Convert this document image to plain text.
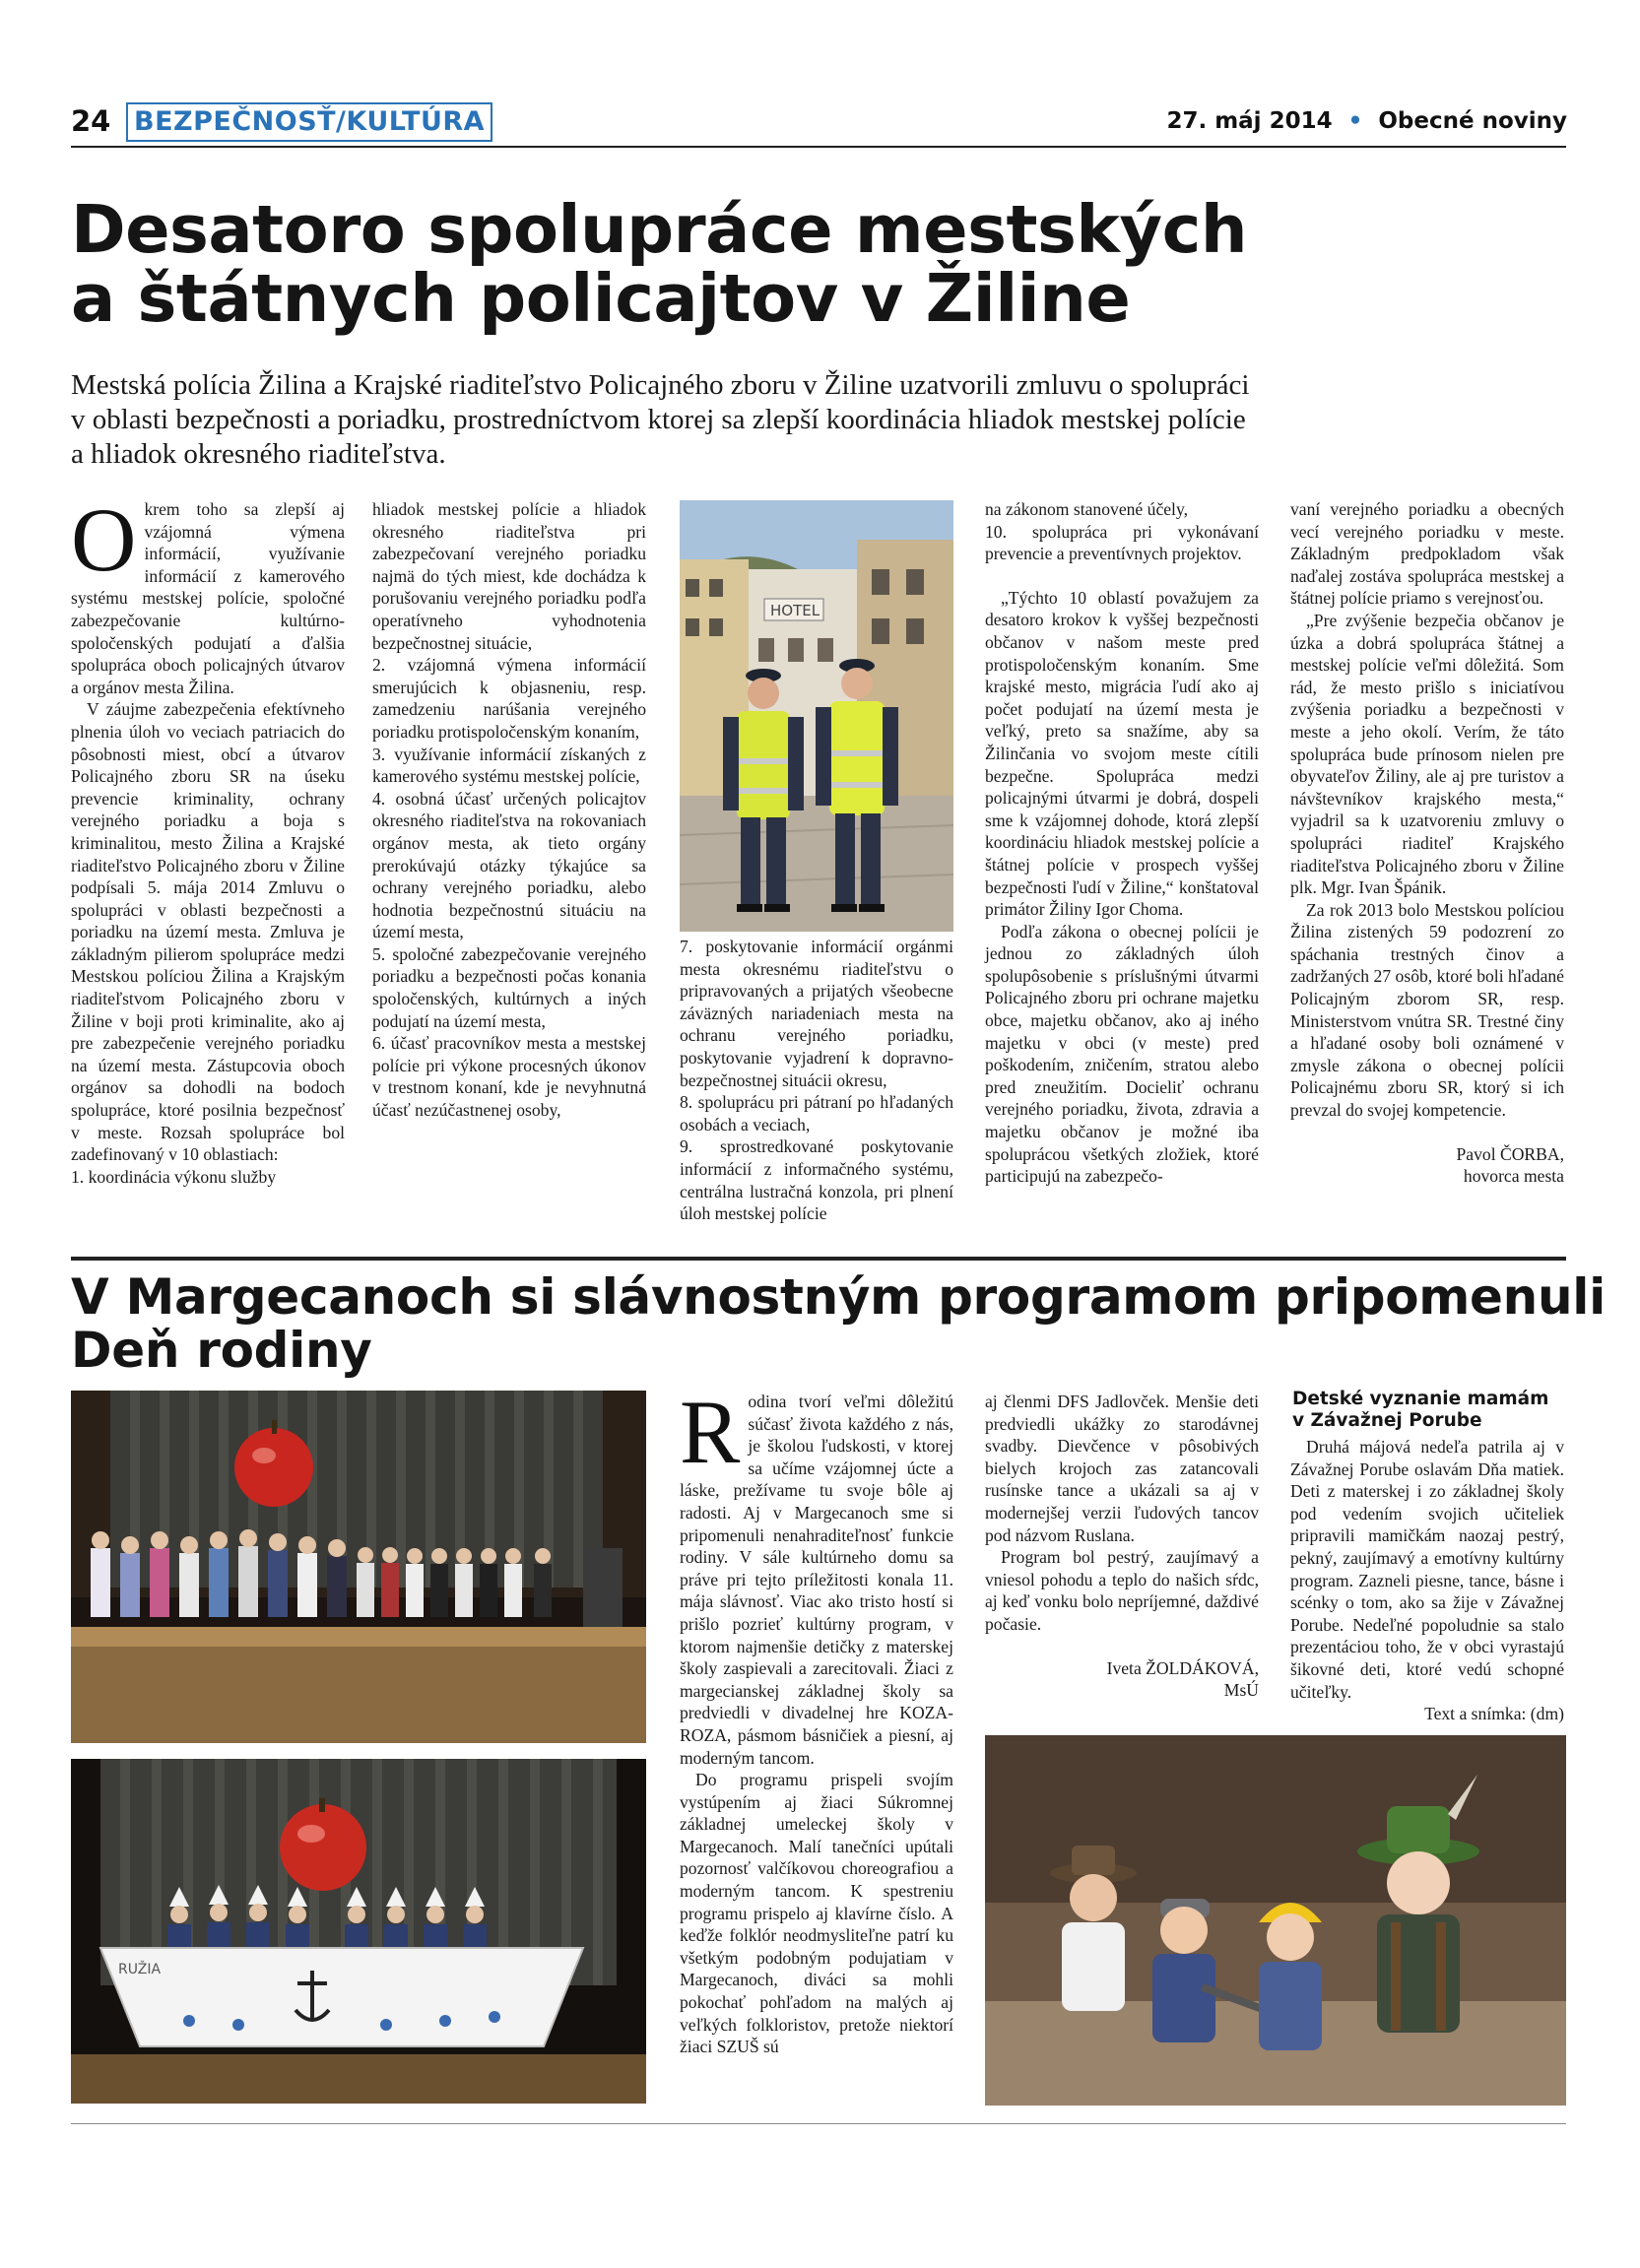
24 BEZPEČNOSŤ/KULTÚRA	27. máj 2014  •  Obecné noviny
Desatoro spolupráce mestských
a štátnych policajtov v Žiline
Mestská polícia Žilina a Krajské riaditeľstvo Policajného zboru v Žiline uzatvorili zmluvu o spolupráci
v oblasti bezpečnosti a poriadku, prostredníctvom ktorej sa zlepší koordinácia hliadok mestskej polície
a hliadok okresného riaditeľstva.
O krem toho sa zlepší aj vzájomná výmena informácií, využívanie informácií z kamerového systému mestskej polície, spoločné zabezpečovanie kultúrno-spoločenských podujatí a ďalšia spolupráca oboch policajných útvarov a orgánov mesta Žilina.

V záujme zabezpečenia efektívneho plnenia úloh vo veciach patriacich do pôsobnosti miest, obcí a útvarov Policajného zboru SR na úseku prevencie kriminality, ochrany verejného poriadku a boja s kriminalitou, mesto Žilina a Krajské riaditeľstvo Policajného zboru v Žiline podpísali 5. mája 2014 Zmluvu o spolupráci v oblasti bezpečnosti a poriadku na území mesta. Zmluva je základným pilierom spolupráce medzi Mestskou políciou Žilina a Krajským riaditeľstvom Policajného zboru v Žiline v boji proti kriminalite, ako aj pre zabezpečenie verejného poriadku na území mesta. Zástupcovia oboch orgánov sa dohodli na bodoch spolupráce, ktoré posilnia bezpečnosť v meste. Rozsah spolupráce bol zadefinovaný v 10 oblastiach:

1. koordinácia výkonu služby

hliadok mestskej polície a hliadok okresného riaditeľstva pri zabezpečovaní verejného poriadku najmä do tých miest, kde dochádza k porušovaniu verejného poriadku podľa operatívneho vyhodnotenia bezpečnostnej situácie,

2. vzájomná výmena informácií smerujúcich k objasneniu, resp. zamedzeniu narúšania verejného poriadku protispoločenským konaním,

3. využívanie informácií získaných z kamerového systému mestskej polície,

4. osobná účasť určených policajtov okresného riaditeľstva na rokovaniach orgánov mesta, ak tieto orgány prerokúvajú otázky týkajúce sa ochrany verejného poriadku, alebo hodnotia bezpečnostnú situáciu na území mesta,

5. spoločné zabezpečovanie verejného poriadku a bezpečnosti počas konania spoločenských, kultúrnych a iných podujatí na území mesta,

6. účasť pracovníkov mesta a mestskej polície pri výkone procesných úkonov v trestnom konaní, kde je nevyhnutná účasť nezúčastnenej osoby,

HOTEL

7. poskytovanie informácií orgánmi mesta okresnému riaditeľstvu o pripravovaných a prijatých všeobecne záväzných nariadeniach mesta na ochranu verejného poriadku, poskytovanie vyjadrení k dopravno-bezpečnostnej situácii okresu,

8. spoluprácu pri pátraní po hľadaných osobách a veciach,

9. sprostredkované poskytovanie informácií z informačného systému, centrálna lustračná konzola, pri plnení úloh mestskej polície

na zákonom stanovené účely,

10. spolupráca pri vykonávaní prevencie a preventívnych projektov.

„Týchto 10 oblastí považujem za desatoro krokov k vyššej bezpečnosti občanov v našom meste pred protispoločenským konaním. Sme krajské mesto, migrácia ľudí ako aj počet podujatí na území mesta je veľký, preto sa snažíme, aby sa Žilinčania vo svojom meste cítili bezpečne. Spolupráca medzi policajnými útvarmi je dobrá, dospeli sme k vzájomnej dohode, ktorá zlepší koordináciu hliadok mestskej polície a štátnej polície v prospech vyššej bezpečnosti ľudí v Žiline,“ konštatoval primátor Žiliny Igor Choma.

Podľa zákona o obecnej polícii je jednou zo základných úloh spolupôsobenie s príslušnými útvarmi Policajného zboru pri ochrane majetku obce, majetku občanov, ako aj iného majetku v obci (v meste) pred poškodením, zničením, stratou alebo pred zneužitím. Docieliť ochranu verejného poriadku, života, zdravia a majetku občanov je možné iba spoluprácou všetkých zložiek, ktoré participujú na zabezpečo-

vaní verejného poriadku a obecných vecí verejného poriadku v meste. Základným predpokladom však naďalej zostáva spolupráca mestskej a štátnej polície priamo s verejnosťou.

„Pre zvýšenie bezpečia občanov je úzka a dobrá spolupráca štátnej a mestskej polície veľmi dôležitá. Som rád, že mesto prišlo s iniciatívou zvýšenia poriadku a bezpečnosti v meste a jeho okolí. Verím, že táto spolupráca bude prínosom nielen pre obyvateľov Žiliny, ale aj pre turistov a návštevníkov krajského mesta,“ vyjadril sa k uzatvoreniu zmluvy o spolupráci riaditeľ Krajského riaditeľstva Policajného zboru v Žiline plk. Mgr. Ivan Špánik.

Za rok 2013 bolo Mestskou políciou Žilina zistených 59 podozrení zo spáchania trestných činov a zadržaných 27 osôb, ktoré boli hľadané Policajným zborom SR, resp. Ministerstvom vnútra SR. Trestné činy a hľadané osoby boli oznámené v zmysle zákona o obecnej polícii Policajnému zboru SR, ktorý si ich prevzal do svojej kompetencie.

Pavol ČORBA,

hovorca mesta

V Margecanoch si slávnostným programom pripomenuli
Deň rodiny
RUŽIA
R odina tvorí veľmi dôležitú súčasť života každého z nás, je školou ľudskosti, v ktorej sa učíme vzájomnej úcte a láske, prežívame tu svoje bôle aj radosti. Aj v Margecanoch sme si pripomenuli nenahraditeľnosť funkcie rodiny. V sále kultúrneho domu sa práve pri tejto príležitosti konala 11. mája slávnosť. Viac ako tristo hostí si prišlo pozrieť kultúrny program, v ktorom najmenšie detičky z materskej školy zaspievali a zarecitovali. Žiaci z margecianskej základnej školy sa predviedli v divadelnej hre KOZA-ROZA, pásmom básničiek a piesní, aj moderným tancom.

Do programu prispeli svojím vystúpením aj žiaci Súkromnej základnej umeleckej školy v Margecanoch. Malí tanečníci upútali pozornosť valčíkovou choreografiou a moderným tancom. K spestreniu programu prispelo aj klavírne číslo. A keďže folklór neodmysliteľne patrí ku všetkým podobným podujatiam v Margecanoch, diváci sa mohli pokochať pohľadom na malých aj veľkých folkloristov, pretože niektorí žiaci SZUŠ sú

aj členmi DFS Jadlovček. Menšie deti predviedli ukážky zo starodávnej svadby. Dievčence v pôsobivých bielych krojoch zas zatancovali rusínske tance a ukázali sa aj v modernejšej verzii ľudových tancov pod názvom Ruslana.

Program bol pestrý, zaujímavý a vniesol pohodu a teplo do našich sŕdc, aj keď vonku bolo nepríjemné, daždivé počasie.

Iveta ŽOLDÁKOVÁ,

MsÚ

Detské vyznanie mamám
v Závažnej Porube

Druhá májová nedeľa patrila aj v Závažnej Porube oslavám Dňa matiek. Deti z materskej i zo základnej školy pod vedením svojich učiteliek pripravili mamičkám naozaj pestrý, pekný, zaujímavý a emotívny kultúrny program. Zazneli piesne, tance, básne i scénky o tom, ako sa žije v Závažnej Porube. Nedeľné popoludnie sa stalo prezentáciou toho, že v obci vyrastajú šikovné deti, ktoré vedú schopné učiteľky.

Text a snímka: (dm)
